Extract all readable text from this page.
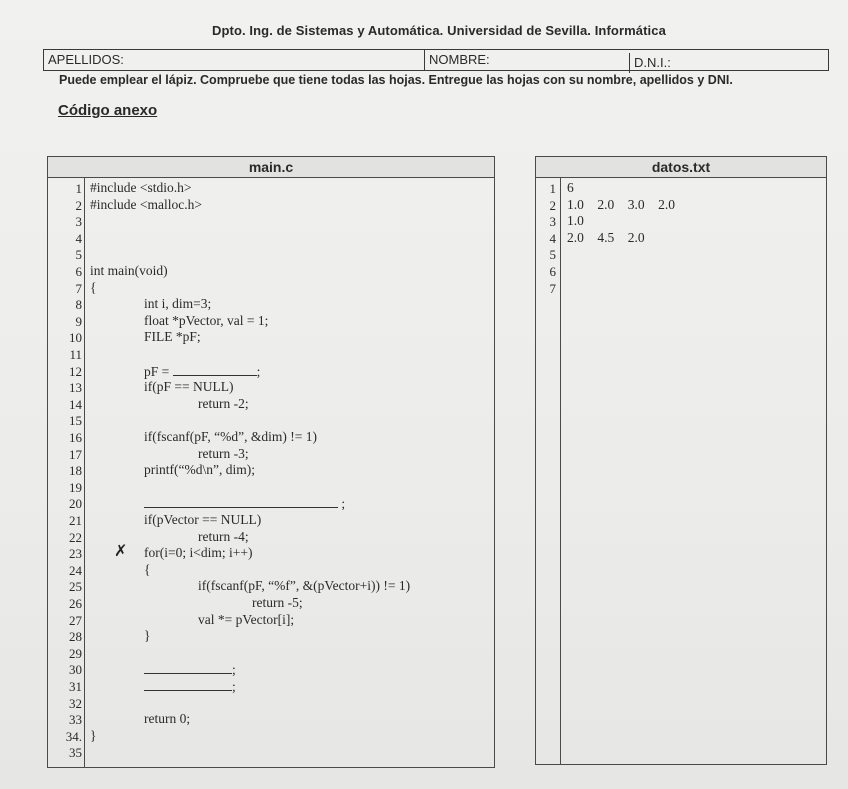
Dpto. Ing. de Sistemas y Automática. Universidad de Sevilla. Informática
APELLIDOS:	NOMBRE:	D.N.I.:
Puede emplear el lápiz. Compruebe que tiene todas las hojas. Entregue las hojas con su nombre, apellidos y DNI.
Código anexo
main.c
1 #include <stdio.h>
2 #include <malloc.h>
3
4
5
6 int main(void)
7 {
8	int i, dim=3;
9	float *pVector, val = 1;
10	FILE *pF;
11
12	pF =	;
13	if(pF == NULL)
14	return -2;
15
16	if(fscanf(pF, “%d”, &dim) != 1)
17	return -3;
18	printf(“%d\n”, dim);
19
20	;
21	if(pVector == NULL)
22	return -4;
23	for(i=0; i<dim; i++)
24	{
25	if(fscanf(pF, “%f”, &(pVector+i)) != 1)
26	return -5;
27	val *= pVector[i];
28	}
29
30	;
31	;
32
33	return 0;
34. }
35
✗
datos.txt
1 6
2 1.0    2.0    3.0    2.0
3 1.0
4 2.0    4.5    2.0
5
6
7
